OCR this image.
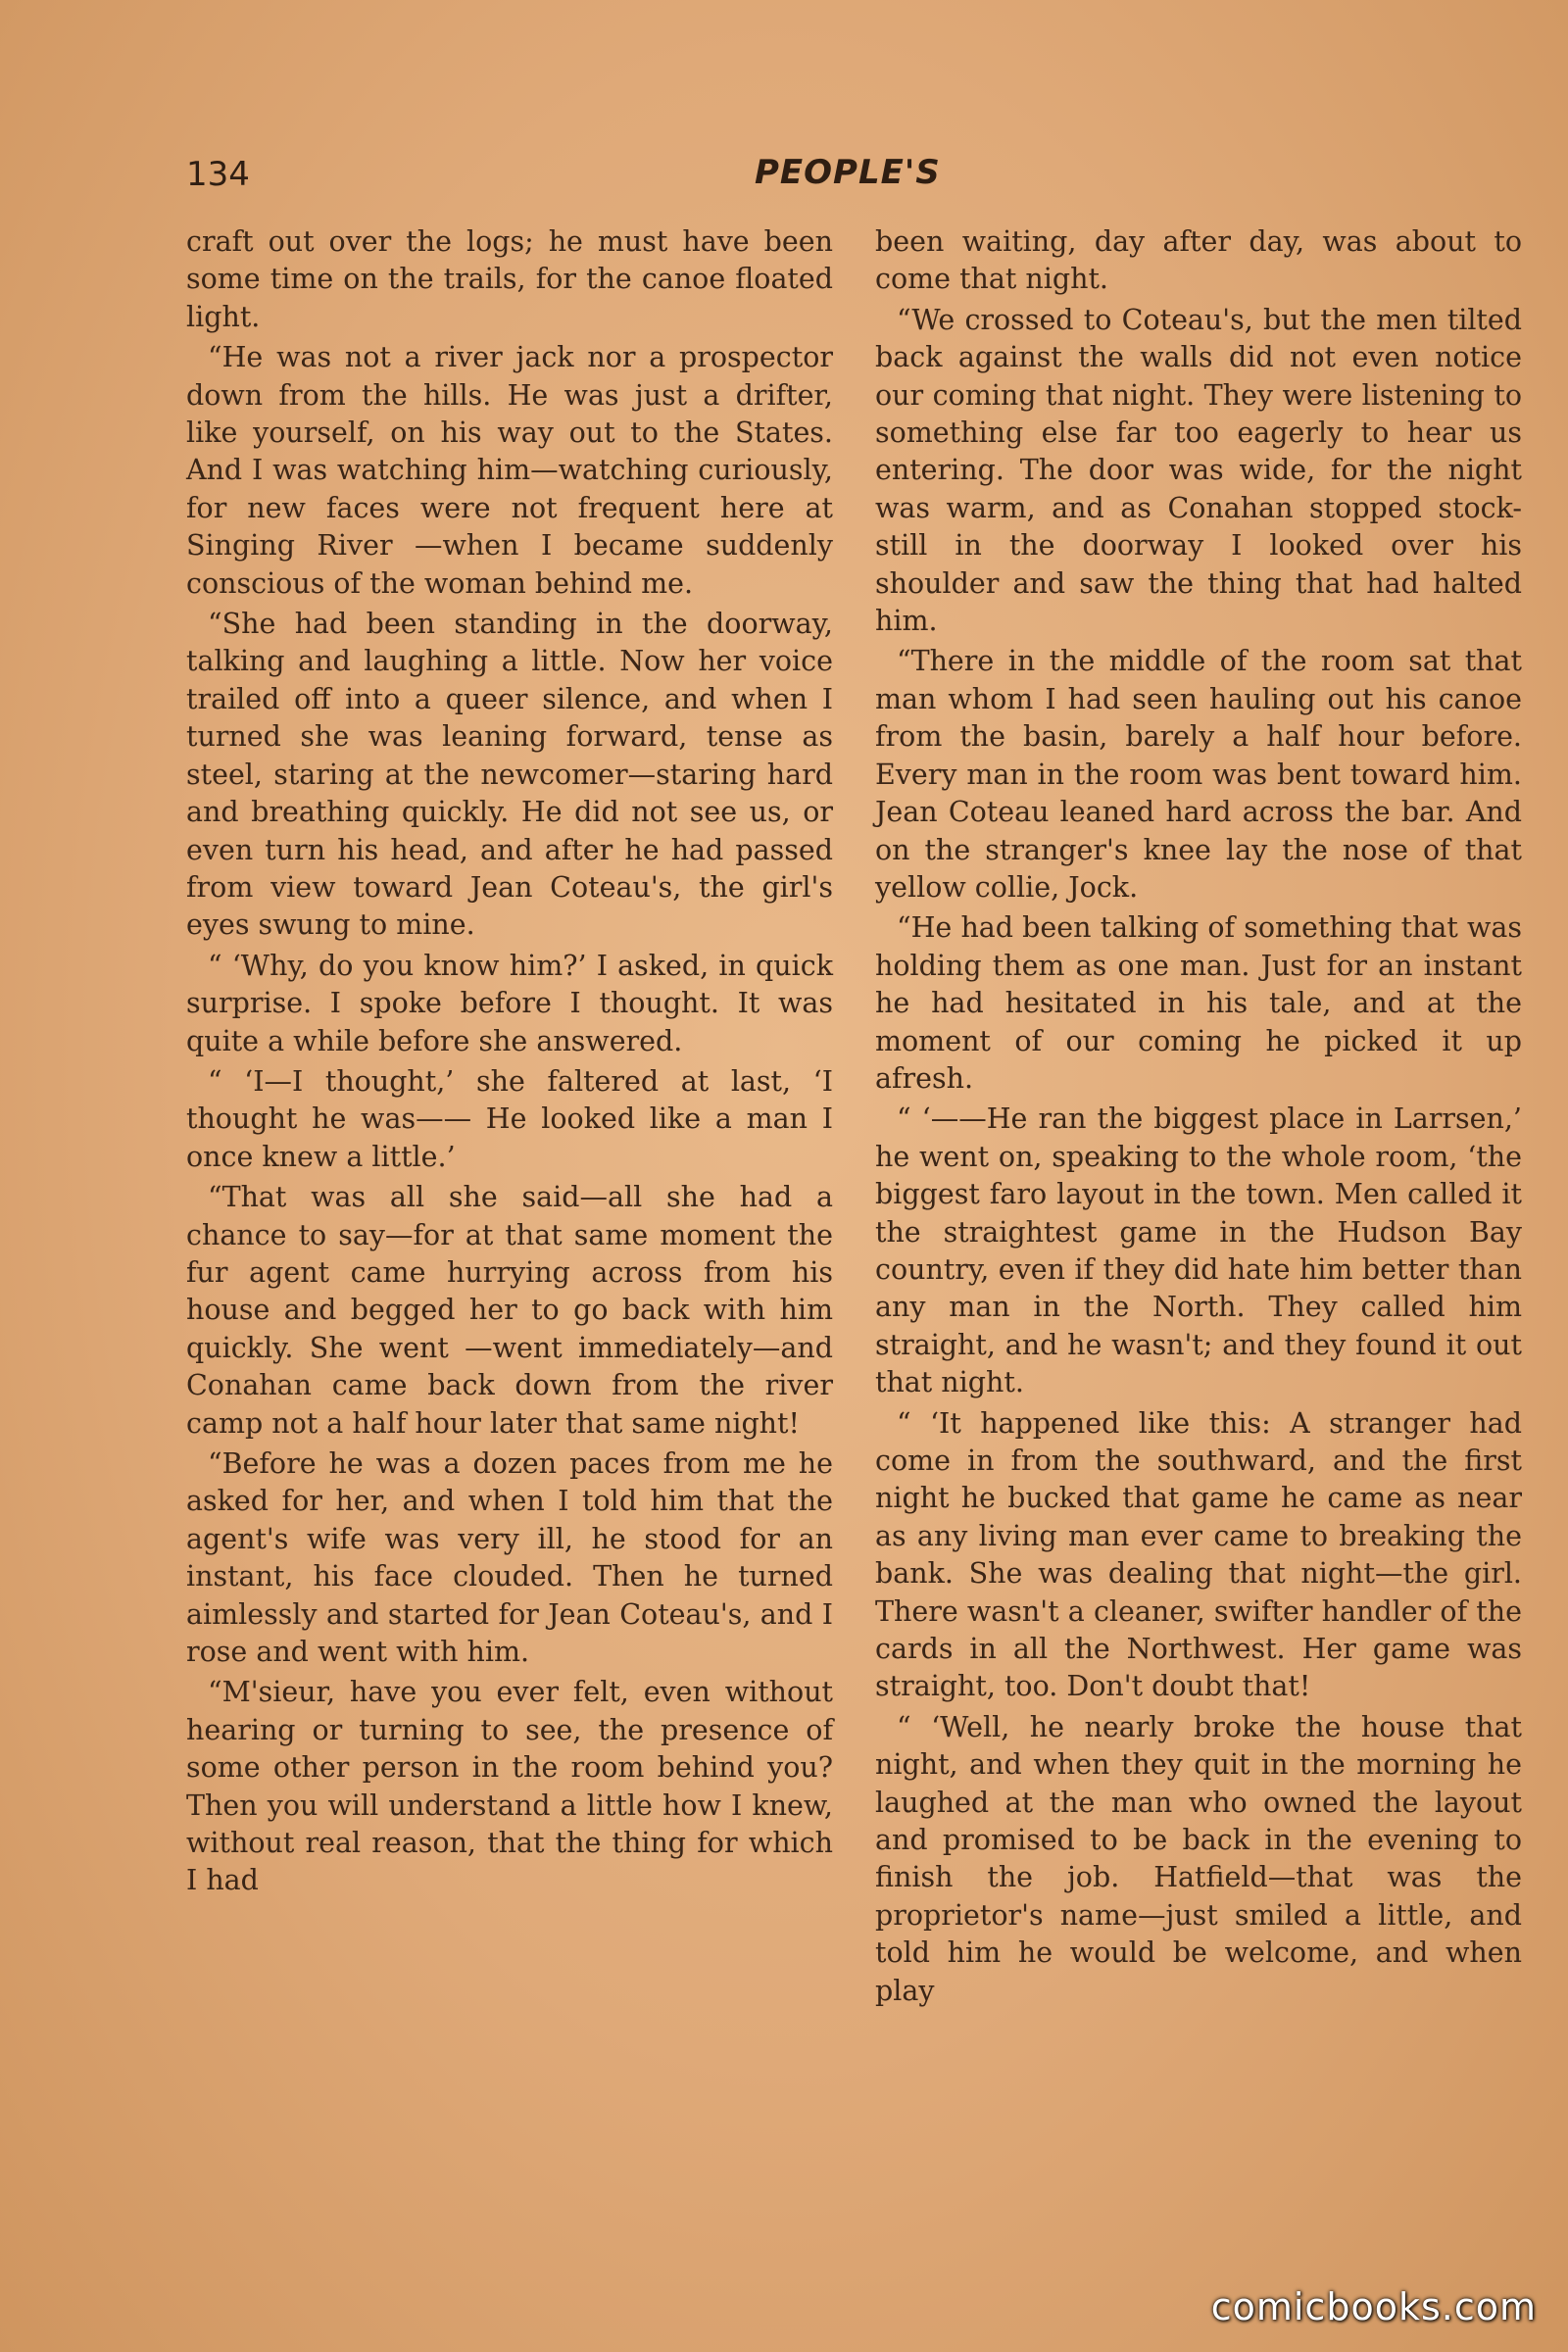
134	PEOPLE'S

craft out over the logs; he must have been some time on the trails, for the canoe floated light.

“He was not a river jack nor a prospector down from the hills. He was just a drifter, like yourself, on his way out to the States. And I was watching him—watching curiously, for new faces were not frequent here at Singing River —when I became suddenly conscious of the woman behind me.

“She had been standing in the doorway, talking and laughing a little. Now her voice trailed off into a queer silence, and when I turned she was leaning forward, tense as steel, staring at the newcomer—staring hard and breathing quickly. He did not see us, or even turn his head, and after he had passed from view toward Jean Coteau's, the girl's eyes swung to mine.

“ ‘Why, do you know him?’ I asked, in quick surprise. I spoke before I thought. It was quite a while before she answered.

“ ‘I—I thought,’ she faltered at last, ‘I thought he was—— He looked like a man I once knew a little.’

“That was all she said—all she had a chance to say—for at that same moment the fur agent came hurrying across from his house and begged her to go back with him quickly. She went —went immediately—and Conahan came back down from the river camp not a half hour later that same night!

“Before he was a dozen paces from me he asked for her, and when I told him that the agent's wife was very ill, he stood for an instant, his face clouded. Then he turned aimlessly and started for Jean Coteau's, and I rose and went with him.

“M'sieur, have you ever felt, even without hearing or turning to see, the presence of some other person in the room behind you? Then you will understand a little how I knew, without real reason, that the thing for which I had

been waiting, day after day, was about to come that night.

“We crossed to Coteau's, but the men tilted back against the walls did not even notice our coming that night. They were listening to something else far too eagerly to hear us entering. The door was wide, for the night was warm, and as Conahan stopped stock-still in the doorway I looked over his shoulder and saw the thing that had halted him.

“There in the middle of the room sat that man whom I had seen hauling out his canoe from the basin, barely a half hour before. Every man in the room was bent toward him. Jean Coteau leaned hard across the bar. And on the stranger's knee lay the nose of that yellow collie, Jock.

“He had been talking of something that was holding them as one man. Just for an instant he had hesitated in his tale, and at the moment of our coming he picked it up afresh.

“ ‘——He ran the biggest place in Larrsen,’ he went on, speaking to the whole room, ‘the biggest faro layout in the town. Men called it the straightest game in the Hudson Bay country, even if they did hate him better than any man in the North. They called him straight, and he wasn't; and they found it out that night.

“ ‘It happened like this: A stranger had come in from the southward, and the first night he bucked that game he came as near as any living man ever came to breaking the bank. She was dealing that night—the girl. There wasn't a cleaner, swifter handler of the cards in all the Northwest. Her game was straight, too. Don't doubt that!

“ ‘Well, he nearly broke the house that night, and when they quit in the morning he laughed at the man who owned the layout and promised to be back in the evening to finish the job. Hatfield—that was the proprietor's name—just smiled a little, and told him he would be welcome, and when play

comicbooks.com
